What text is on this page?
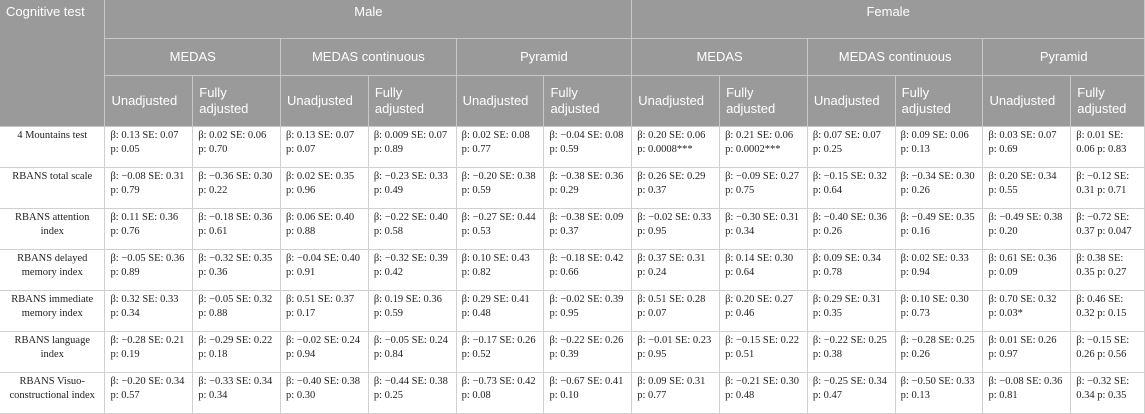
Cognitive test	Male						Female					
	MEDAS		MEDAS continuous		Pyramid		MEDAS		MEDAS continuous		Pyramid	
	Unadjusted	Fully adjusted	Unadjusted	Fully adjusted	Unadjusted	Fully adjusted	Unadjusted	Fully adjusted	Unadjusted	Fully adjusted	Unadjusted	Fully adjusted
4 Mountains test	β: 0.13 SE: 0.07 p: 0.05	β: 0.02 SE: 0.06 p: 0.70	β: 0.13 SE: 0.07 p: 0.07	β: 0.009 SE: 0.07 p: 0.89	β: 0.02 SE: 0.08 p: 0.77	β: −0.04 SE: 0.08 p: 0.59	β: 0.20 SE: 0.06 p: 0.0008***	β: 0.21 SE: 0.06 p: 0.0002***	β: 0.07 SE: 0.07 p: 0.25	β: 0.09 SE: 0.06 p: 0.13	β: 0.03 SE: 0.07 p: 0.69	β: 0.01 SE: 0.06 p: 0.83
RBANS total scale	β: −0.08 SE: 0.31 p: 0.79	β: −0.36 SE: 0.30 p: 0.22	β: 0.02 SE: 0.35 p: 0.96	β: −0.23 SE: 0.33 p: 0.49	β: −0.20 SE: 0.38 p: 0.59	β: −0.38 SE: 0.36 p: 0.29	β: 0.26 SE: 0.29 p: 0.37	β: −0.09 SE: 0.27 p: 0.75	β: −0.15 SE: 0.32 p: 0.64	β: −0.34 SE: 0.30 p: 0.26	β: 0.20 SE: 0.34 p: 0.55	β: −0.12 SE: 0.31 p: 0.71
RBANS attention index	β: 0.11 SE: 0.36 p: 0.76	β: −0.18 SE: 0.36 p: 0.61	β: 0.06 SE: 0.40 p: 0.88	β: −0.22 SE: 0.40 p: 0.58	β: −0.27 SE: 0.44 p: 0.53	β: −0.38 SE: 0.09 p: 0.37	β: −0.02 SE: 0.33 p: 0.95	β: −0.30 SE: 0.31 p: 0.34	β: −0.40 SE: 0.36 p: 0.26	β: −0.49 SE: 0.35 p: 0.16	β: −0.49 SE: 0.38 p: 0.20	β: −0.72 SE: 0.37 p: 0.047
RBANS delayed memory index	β: −0.05 SE: 0.36 p: 0.89	β: −0.32 SE: 0.35 p: 0.36	β: −0.04 SE: 0.40 p: 0.91	β: −0.32 SE: 0.39 p: 0.42	β: 0.10 SE: 0.43 p: 0.82	β: −0.18 SE: 0.42 p: 0.66	β: 0.37 SE: 0.31 p: 0.24	β: 0.14 SE: 0.30 p: 0.64	β: 0.09 SE: 0.34 p: 0.78	β: 0.02 SE: 0.33 p: 0.94	β: 0.61 SE: 0.36 p: 0.09	β: 0.38 SE: 0.35 p: 0.27
RBANS immediate memory index	β: 0.32 SE: 0.33 p: 0.34	β: −0.05 SE: 0.32 p: 0.88	β: 0.51 SE: 0.37 p: 0.17	β: 0.19 SE: 0.36 p: 0.59	β: 0.29 SE: 0.41 p: 0.48	β: −0.02 SE: 0.39 p: 0.95	β: 0.51 SE: 0.28 p: 0.07	β: 0.20 SE: 0.27 p: 0.46	β: 0.29 SE: 0.31 p: 0.35	β: 0.10 SE: 0.30 p: 0.73	β: 0.70 SE: 0.32 p: 0.03*	β: 0.46 SE: 0.32 p: 0.15
RBANS language index	β: −0.28 SE: 0.21 p: 0.19	β: −0.29 SE: 0.22 p: 0.18	β: −0.02 SE: 0.24 p: 0.94	β: −0.05 SE: 0.24 p: 0.84	β: −0.17 SE: 0.26 p: 0.52	β: −0.22 SE: 0.26 p: 0.39	β: −0.01 SE: 0.23 p: 0.95	β: −0.15 SE: 0.22 p: 0.51	β: −0.22 SE: 0.25 p: 0.38	β: −0.28 SE: 0.25 p: 0.26	β: 0.01 SE: 0.26 p: 0.97	β: −0.15 SE: 0.26 p: 0.56
RBANS Visuo-constructional index	β: −0.20 SE: 0.34 p: 0.57	β: −0.33 SE: 0.34 p: 0.34	β: −0.40 SE: 0.38 p: 0.30	β: −0.44 SE: 0.38 p: 0.25	β: −0.73 SE: 0.42 p: 0.08	β: −0.67 SE: 0.41 p: 0.10	β: 0.09 SE: 0.31 p: 0.77	β: −0.21 SE: 0.30 p: 0.48	β: −0.25 SE: 0.34 p: 0.47	β: −0.50 SE: 0.33 p: 0.13	β: −0.08 SE: 0.36 p: 0.81	β: −0.32 SE: 0.34 p: 0.35
